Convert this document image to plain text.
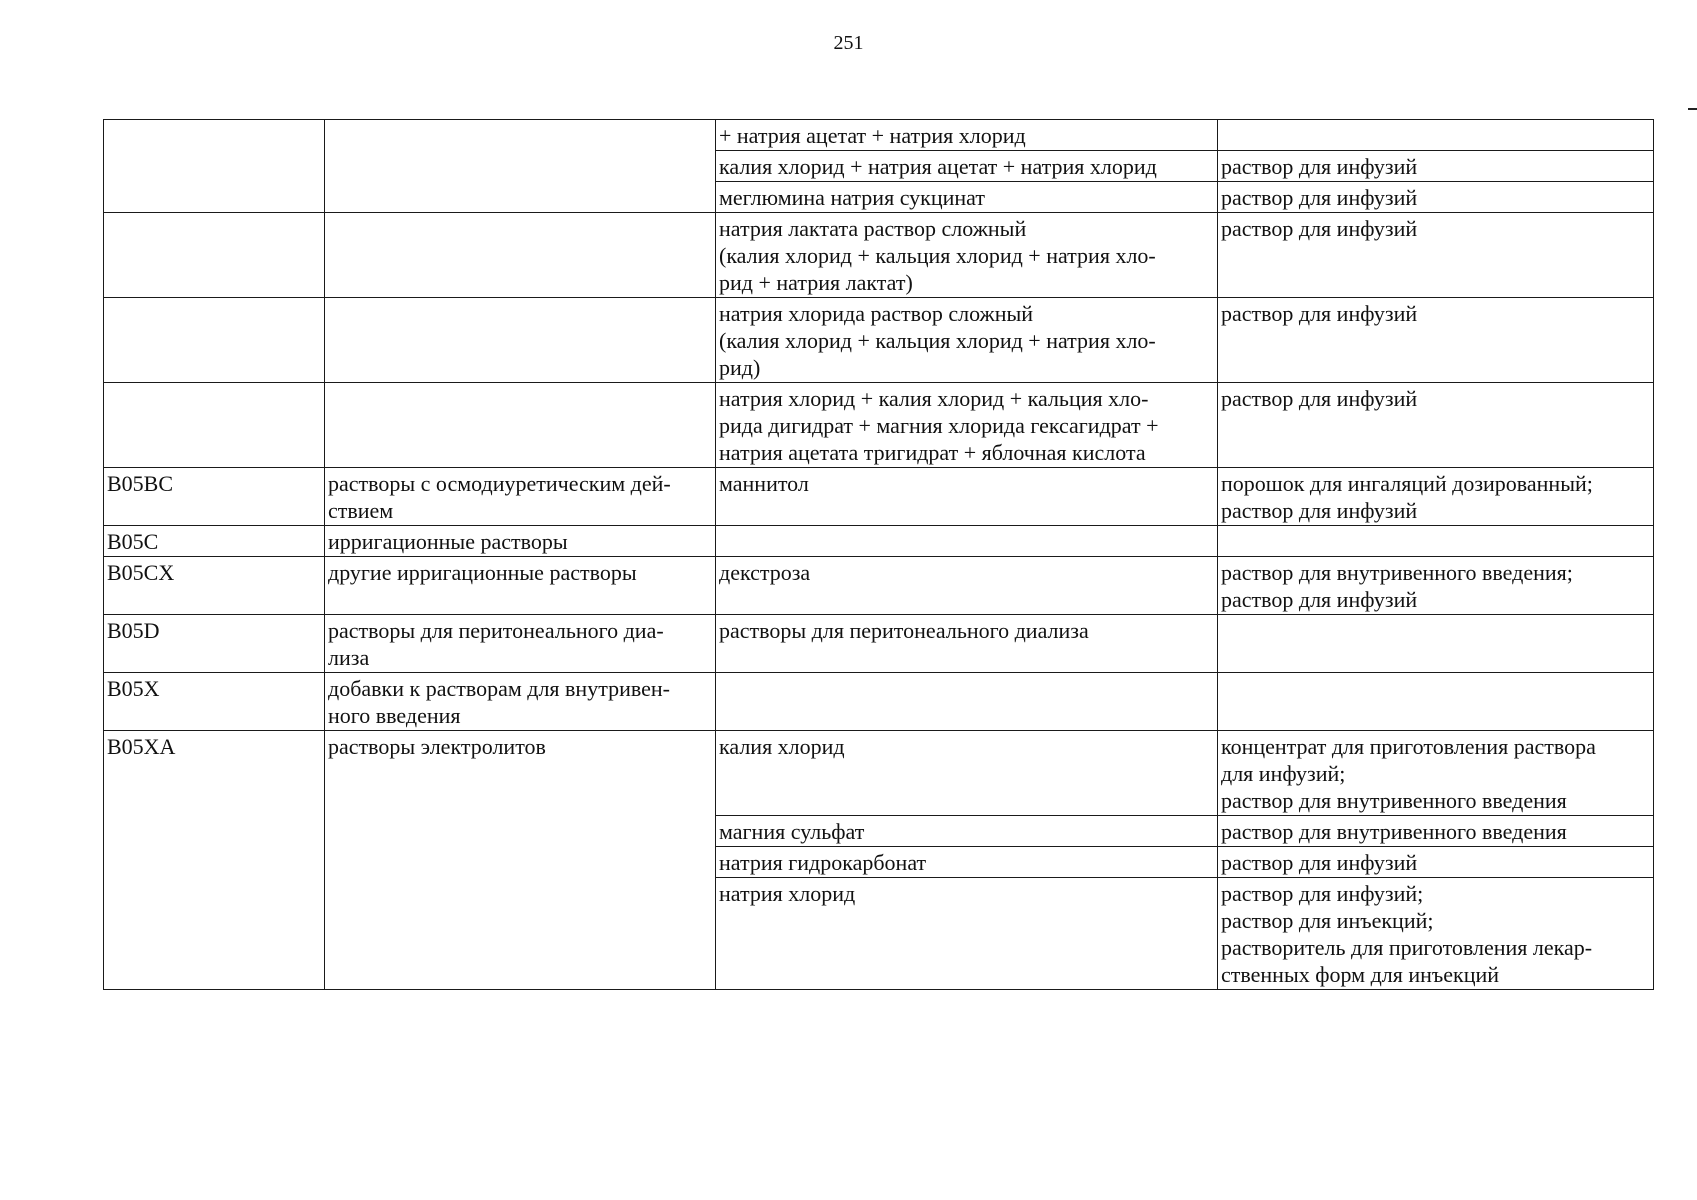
251
		+ натрия ацетат + натрия хлорид	
		калия хлорид + натрия ацетат + натрия хлорид	раствор для инфузий
		меглюмина натрия сукцинат	раствор для инфузий
		натрия лактата раствор сложный
(калия хлорид + кальция хлорид + натрия хло-
рид + натрия лактат)	раствор для инфузий
		натрия хлорида раствор сложный
(калия хлорид + кальция хлорид + натрия хло-
рид)	раствор для инфузий
		натрия хлорид + калия хлорид + кальция хло-
рида дигидрат + магния хлорида гексагидрат +
натрия ацетата тригидрат + яблочная кислота	раствор для инфузий
B05BC	растворы с осмодиуретическим дей-
ствием	маннитол	порошок для ингаляций дозированный;
раствор для инфузий
B05C	ирригационные растворы		
B05CX	другие ирригационные растворы	декстроза	раствор для внутривенного введения;
раствор для инфузий
B05D	растворы для перитонеального диа-
лиза	растворы для перитонеального диализа	
B05X	добавки к растворам для внутривен-
ного введения		
B05XA	растворы электролитов	калия хлорид	концентрат для приготовления раствора
для инфузий;
раствор для внутривенного введения
		магния сульфат	раствор для внутривенного введения
		натрия гидрокарбонат	раствор для инфузий
		натрия хлорид	раствор для инфузий;
раствор для инъекций;
растворитель для приготовления лекар-
ственных форм для инъекций
